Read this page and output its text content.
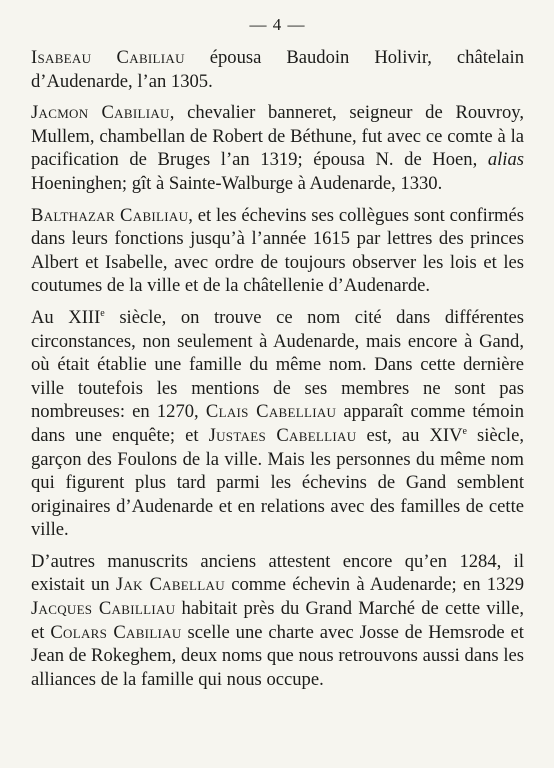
— 4 —

Isabeau Cabiliau épousa Baudoin Holivir, châtelain d’Audenarde, l’an 1305.

Jacmon Cabiliau, chevalier banneret, seigneur de Rouvroy, Mullem, chambellan de Robert de Béthune, fut avec ce comte à la pacification de Bruges l’an 1319; épousa N. de Hoen, alias Hoeninghen; gît à Sainte-Walburge à Audenarde, 1330.

Balthazar Cabiliau, et les échevins ses collègues sont confirmés dans leurs fonctions jusqu’à l’année 1615 par lettres des princes Albert et Isabelle, avec ordre de toujours observer les lois et les coutumes de la ville et de la châtellenie d’Audenarde.

Au XIIIe siècle, on trouve ce nom cité dans différentes circonstances, non seulement à Audenarde, mais encore à Gand, où était établie une famille du même nom. Dans cette dernière ville toutefois les mentions de ses membres ne sont pas nombreuses: en 1270, Clais Cabelliau apparaît comme témoin dans une enquête; et Justaes Cabelliau est, au XIVe siècle, garçon des Foulons de la ville. Mais les personnes du même nom qui figurent plus tard parmi les échevins de Gand semblent originaires d’Audenarde et en relations avec des familles de cette ville.

D’autres manuscrits anciens attestent encore qu’en 1284, il existait un Jak Cabellau comme échevin à Audenarde; en 1329 Jacques Cabilliau habitait près du Grand Marché de cette ville, et Colars Cabiliau scelle une charte avec Josse de Hemsrode et Jean de Rokeghem, deux noms que nous retrouvons aussi dans les alliances de la famille qui nous occupe.
